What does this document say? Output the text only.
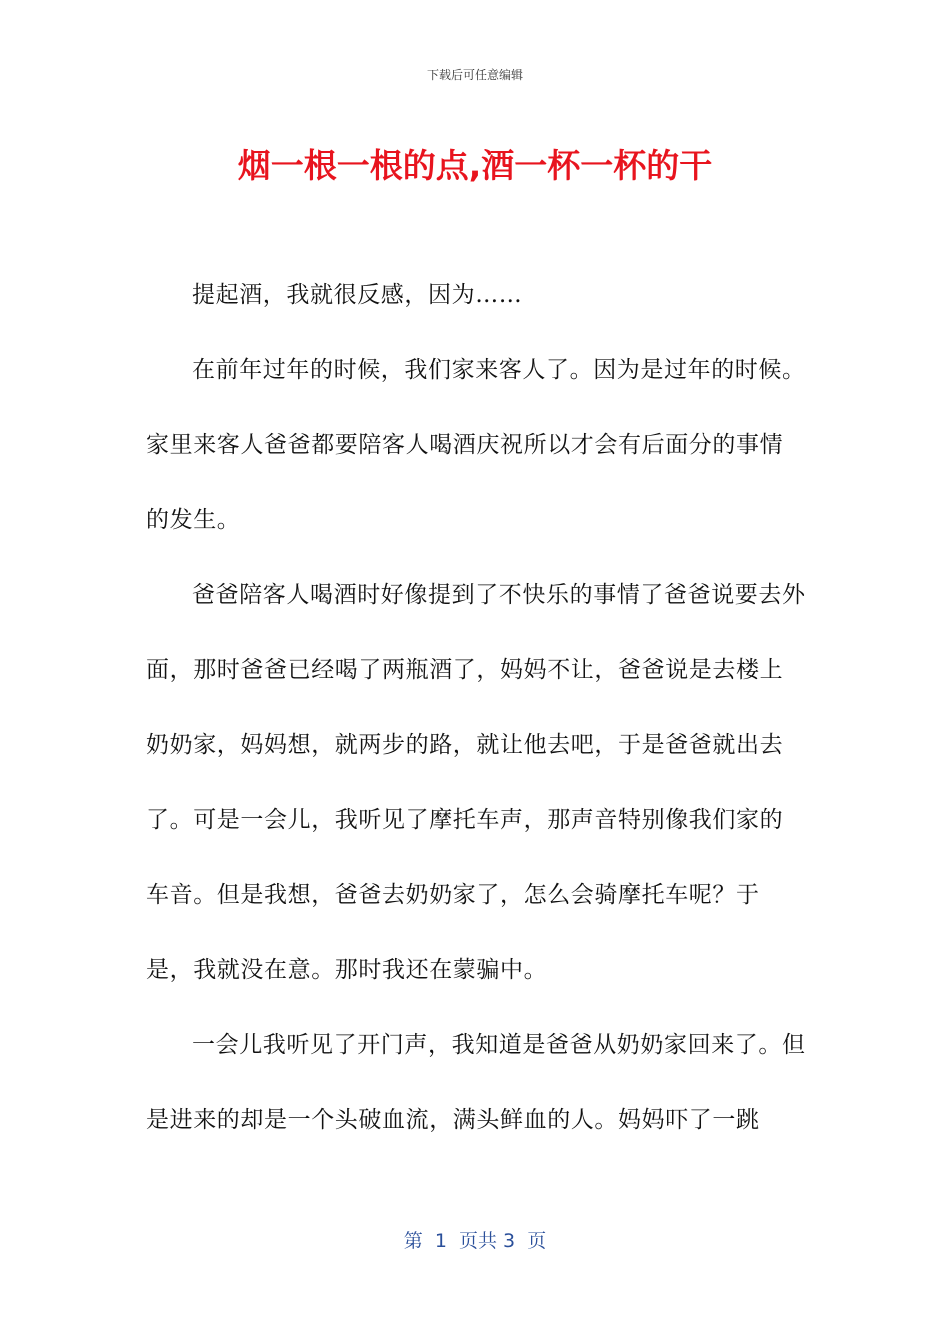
下载后可任意编辑
烟一根一根的点,酒一杯一杯的干

提起酒，我就很反感，因为……

在前年过年的时候，我们家来客人了。因为是过年的时候。家里来客人爸爸都要陪客人喝酒庆祝所以才会有后面分的事情的发生。

爸爸陪客人喝酒时好像提到了不快乐的事情了爸爸说要去外面，那时爸爸已经喝了两瓶酒了，妈妈不让，爸爸说是去楼上奶奶家，妈妈想，就两步的路，就让他去吧，于是爸爸就出去了。可是一会儿，我听见了摩托车声，那声音特别像我们家的车音。但是我想，爸爸去奶奶家了，怎么会骑摩托车呢？于是，我就没在意。那时我还在蒙骗中。

一会儿我听见了开门声，我知道是爸爸从奶奶家回来了。但是进来的却是一个头破血流，满头鲜血的人。妈妈吓了一跳

第  1  页共 3  页
